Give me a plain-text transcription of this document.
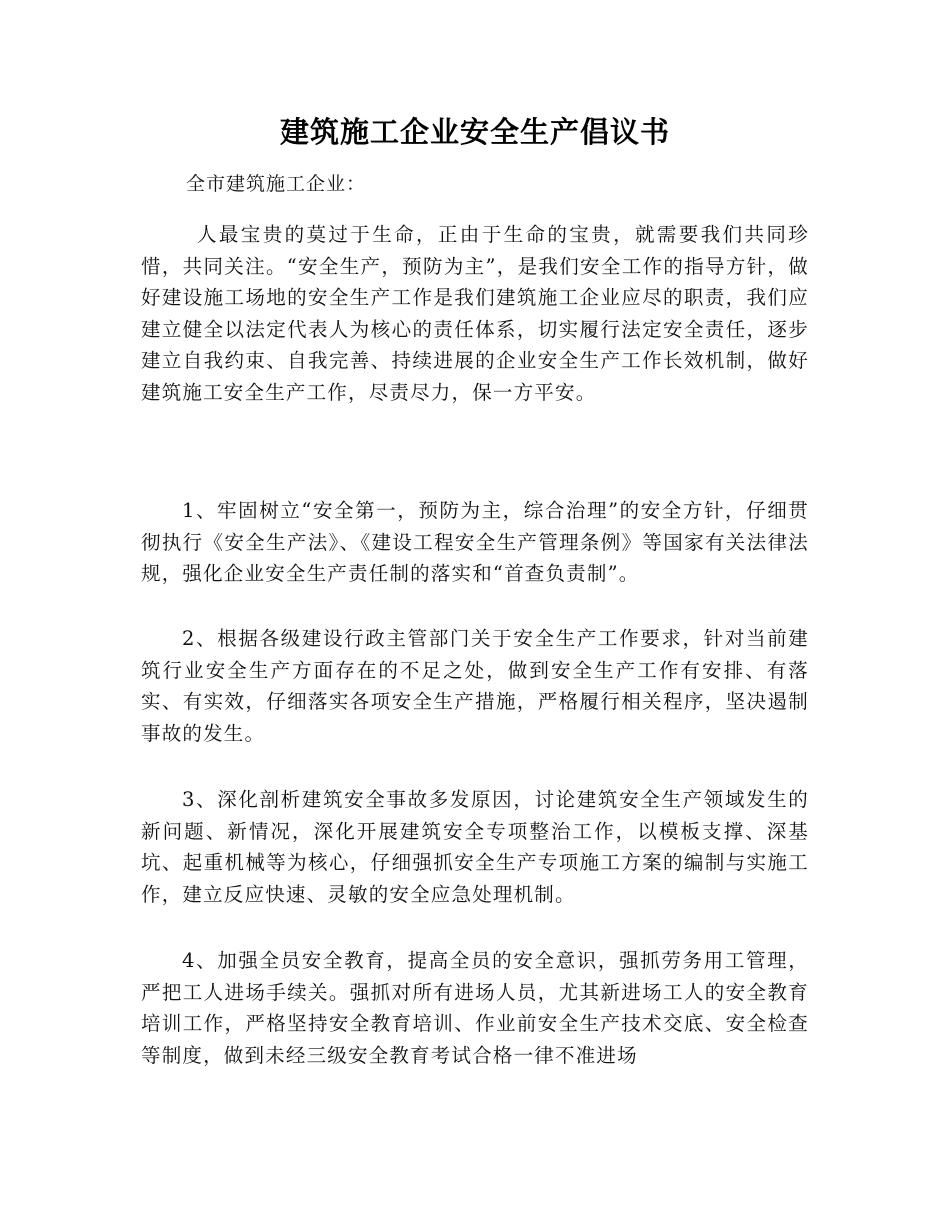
建筑施工企业安全生产倡议书

全市建筑施工企业：

人最宝贵的莫过于生命，正由于生命的宝贵，就需要我们共同珍惜，共同关注。“安全生产，预防为主”，是我们安全工作的指导方针，做好建设施工场地的安全生产工作是我们建筑施工企业应尽的职责，我们应建立健全以法定代表人为核心的责任体系，切实履行法定安全责任，逐步建立自我约束、自我完善、持续进展的企业安全生产工作长效机制，做好建筑施工安全生产工作，尽责尽力，保一方平安。

1、牢固树立“安全第一，预防为主，综合治理”的安全方针，仔细贯彻执行《安全生产法》、《建设工程安全生产管理条例》等国家有关法律法规，强化企业安全生产责任制的落实和“首查负责制”。

2、根据各级建设行政主管部门关于安全生产工作要求，针对当前建筑行业安全生产方面存在的不足之处，做到安全生产工作有安排、有落实、有实效，仔细落实各项安全生产措施，严格履行相关程序，坚决遏制事故的发生。

3、深化剖析建筑安全事故多发原因，讨论建筑安全生产领域发生的新问题、新情况，深化开展建筑安全专项整治工作，以模板支撑、深基坑、起重机械等为核心，仔细强抓安全生产专项施工方案的编制与实施工作，建立反应快速、灵敏的安全应急处理机制。

4、加强全员安全教育，提高全员的安全意识，强抓劳务用工管理，严把工人进场手续关。强抓对所有进场人员，尤其新进场工人的安全教育培训工作，严格坚持安全教育培训、作业前安全生产技术交底、安全检查等制度，做到未经三级安全教育考试合格一律不准进场
